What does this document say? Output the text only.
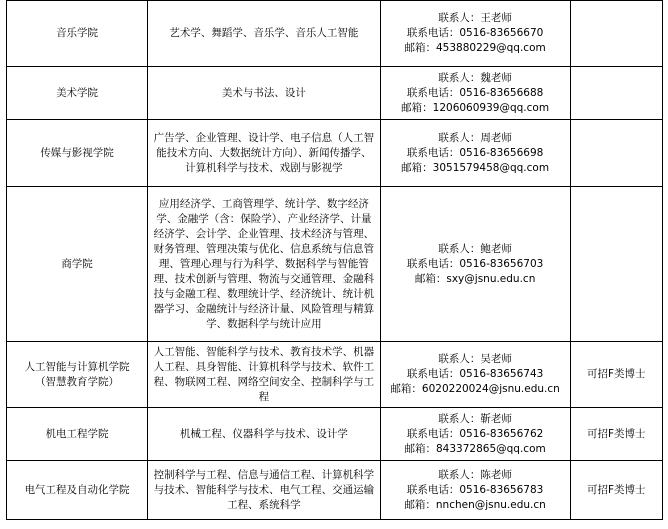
音乐学院	艺术学、舞蹈学、音乐学、音乐人工智能	联系人：王老师
联系电话：0516-83656670
邮箱：453880229@qq.com	

美术学院	美术与书法、设计	联系人：魏老师
联系电话：0516-83656688
邮箱：1206060939@qq.com	

传媒与影视学院	广告学、企业管理、设计学、电子信息（人工智能技术方向、大数据统计方向）、新闻传播学、计算机科学与技术、戏剧与影视学	联系人：周老师
联系电话：0516-83656698
邮箱：3051579458@qq.com	

商学院	应用经济学、工商管理学、统计学、数字经济学、金融学（含：保险学）、产业经济学、计量经济学、会计学、企业管理、技术经济与管理、财务管理、管理决策与优化、信息系统与信息管理、管理心理与行为科学、数据科学与智能管理、技术创新与管理、物流与交通管理、金融科技与金融工程、数理统计学、经济统计、统计机器学习、金融统计与经济计量、风险管理与精算学、数据科学与统计应用	联系人：鲍老师
联系电话：0516-83656703
邮箱：sxy@jsnu.edu.cn	

人工智能与计算机学院
（智慧教育学院）	人工智能、智能科学与技术、教育技术学、机器人工程、具身智能、计算机科学与技术、软件工程、物联网工程、网络空间安全、控制科学与工程	联系人：吴老师
联系电话：0516-83656743
邮箱：6020220024@jsnu.edu.cn	可招F类博士
机电工程学院	机械工程、仪器科学与技术、设计学	联系人：靳老师
联系电话：0516-83656762
邮箱：843372865@qq.com	可招F类博士
电气工程及自动化学院	控制科学与工程、信息与通信工程、计算机科学与技术、智能科学与技术、电气工程、交通运输工程、系统科学	联系人：陈老师
联系电话：0516-83656783
邮箱：nnchen@jsnu.edu.cn	可招F类博士
